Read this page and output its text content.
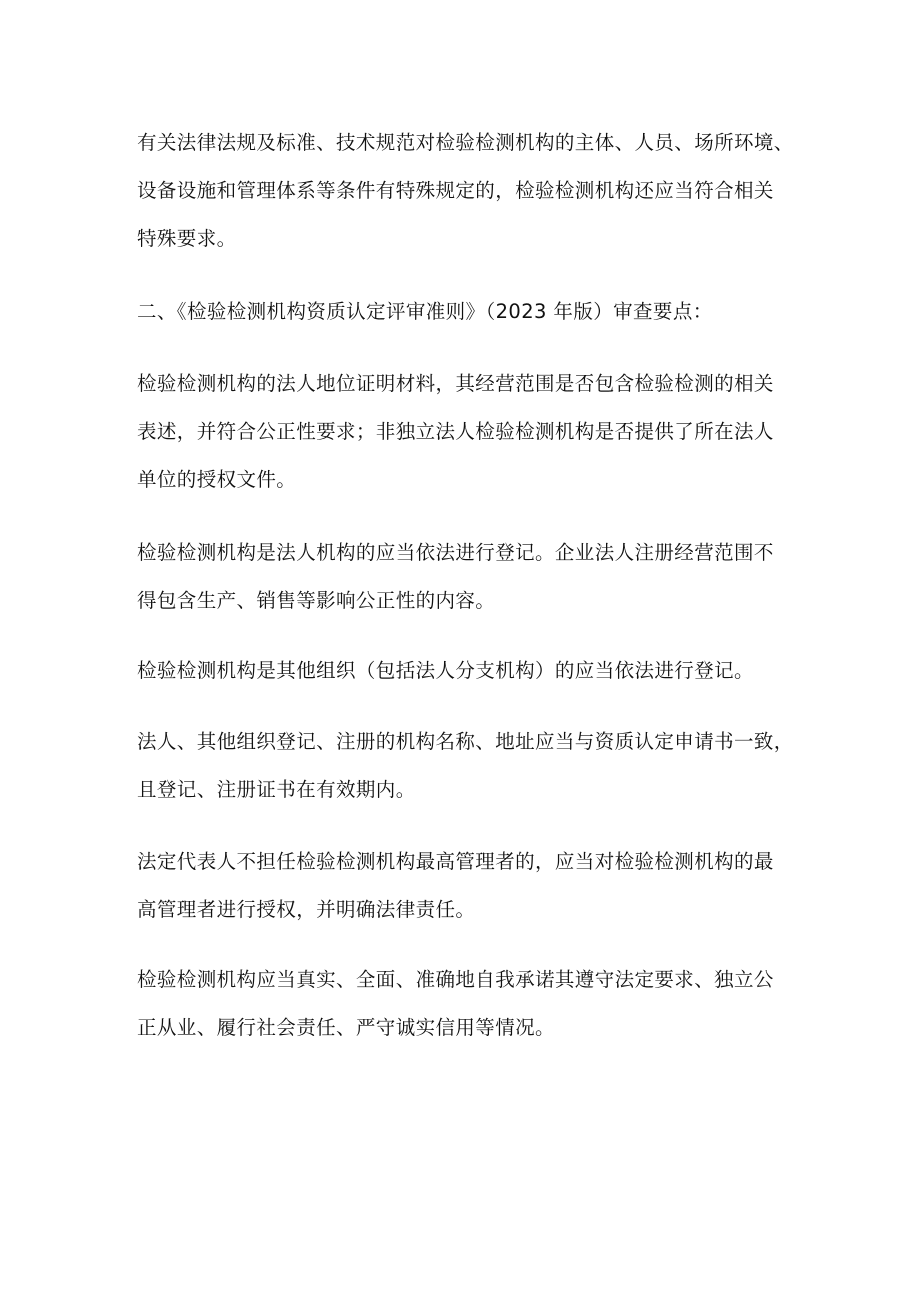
有关法律法规及标准、技术规范对检验检测机构的主体、人员、场所环境、
设备设施和管理体系等条件有特殊规定的，检验检测机构还应当符合相关
特殊要求。
二、《检验检测机构资质认定评审准则》（2023 年版）审查要点：
检验检测机构的法人地位证明材料，其经营范围是否包含检验检测的相关
表述，并符合公正性要求；非独立法人检验检测机构是否提供了所在法人
单位的授权文件。
检验检测机构是法人机构的应当依法进行登记。企业法人注册经营范围不
得包含生产、销售等影响公正性的内容。
检验检测机构是其他组织（包括法人分支机构）的应当依法进行登记。
法人、其他组织登记、注册的机构名称、地址应当与资质认定申请书一致，
且登记、注册证书在有效期内。
法定代表人不担任检验检测机构最高管理者的，应当对检验检测机构的最
高管理者进行授权，并明确法律责任。
检验检测机构应当真实、全面、准确地自我承诺其遵守法定要求、独立公
正从业、履行社会责任、严守诚实信用等情况。
